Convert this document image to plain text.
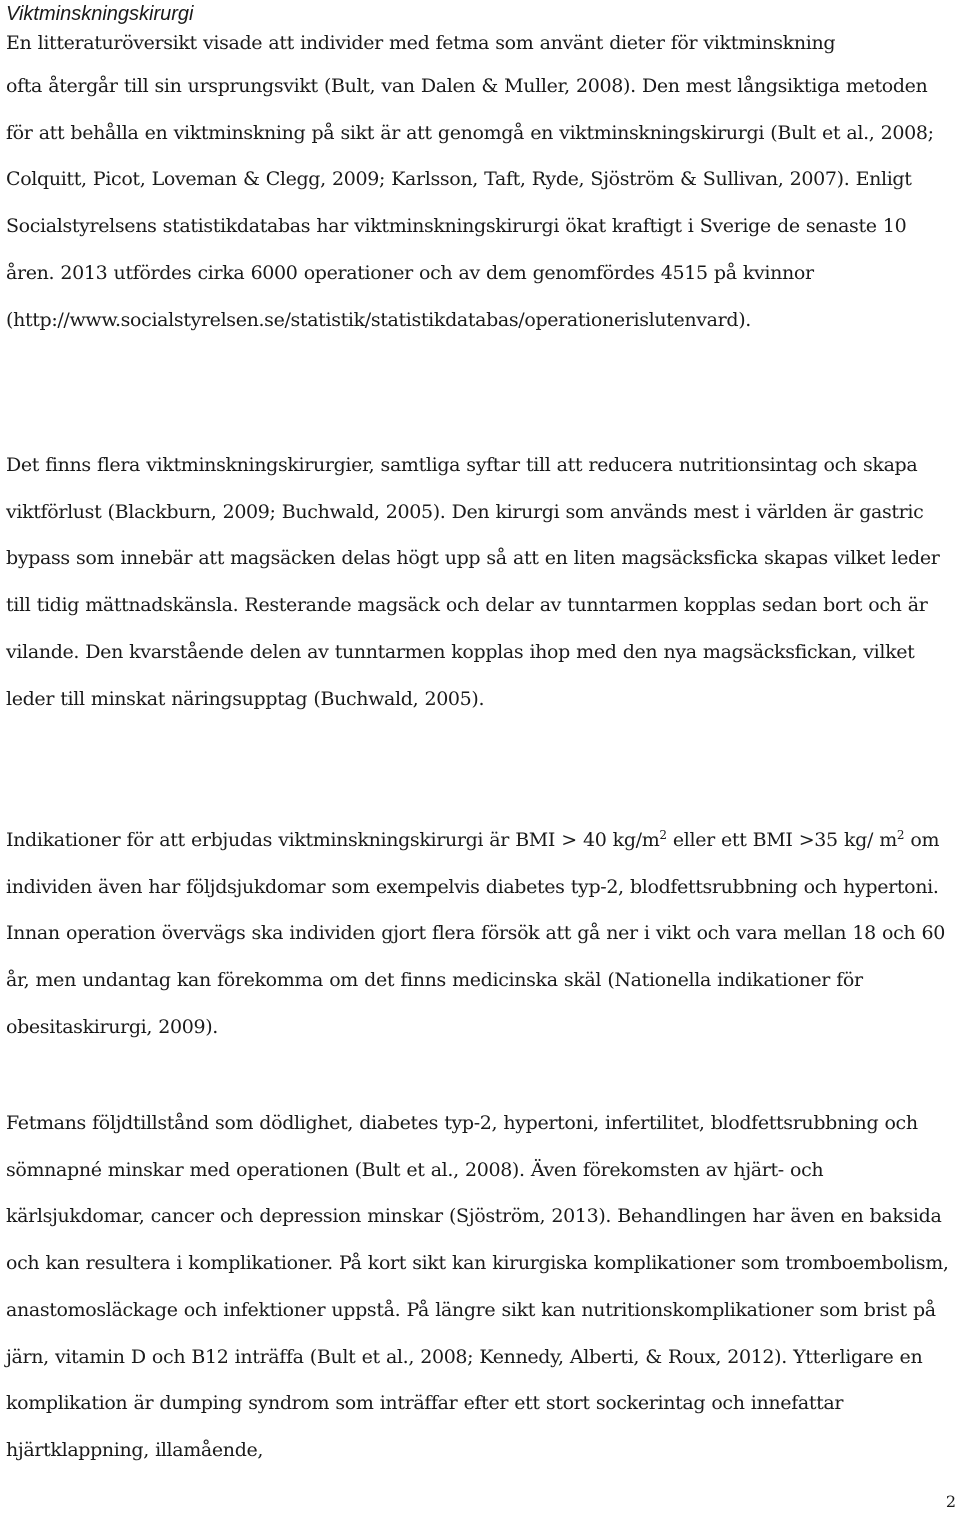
Viktminskningskirurgi

En litteraturöversikt visade att individer med fetma som använt dieter för viktminskning
ofta återgår till sin ursprungsvikt (Bult, van Dalen & Muller, 2008). Den mest långsiktiga metoden för att behålla en viktminskning på sikt är att genomgå en viktminskningskirurgi (Bult et al., 2008; Colquitt, Picot, Loveman & Clegg, 2009; Karlsson, Taft, Ryde, Sjöström & Sullivan, 2007). Enligt Socialstyrelsens statistikdatabas har viktminskningskirurgi ökat kraftigt i Sverige de senaste 10 åren. 2013 utfördes cirka 6000 operationer och av dem genomfördes 4515 på kvinnor (http://www.socialstyrelsen.se/statistik/statistikdatabas/operationerislutenvard).

Det finns flera viktminskningskirurgier, samtliga syftar till att reducera nutritionsintag och skapa viktförlust (Blackburn, 2009; Buchwald, 2005). Den kirurgi som används mest i världen är gastric bypass som innebär att magsäcken delas högt upp så att en liten magsäcksficka skapas vilket leder till tidig mättnadskänsla. Resterande magsäck och delar av tunntarmen kopplas sedan bort och är vilande. Den kvarstående delen av tunntarmen kopplas ihop med den nya magsäcksfickan, vilket leder till minskat näringsupptag (Buchwald, 2005).

Indikationer för att erbjudas viktminskningskirurgi är BMI > 40 $kg/m^2$ eller ett BMI >35 kg/ $m^2$ om individen även har följdsjukdomar som exempelvis diabetes typ-2, blodfettsrubbning och hypertoni. Innan operation övervägs ska individen gjort flera försök att gå ner i vikt och vara mellan 18 och 60 år, men undantag kan förekomma om det finns medicinska skäl (Nationella indikationer för obesitaskirurgi, 2009).

Fetmans följdtillstånd som dödlighet, diabetes typ-2, hypertoni, infertilitet, blodfettsrubbning och sömnapné minskar med operationen (Bult et al., 2008). Även förekomsten av hjärt- och kärlsjukdomar, cancer och depression minskar (Sjöström, 2013). Behandlingen har även en baksida och kan resultera i komplikationer. På kort sikt kan kirurgiska komplikationer som tromboembolism, anastomosläckage och infektioner uppstå. På längre sikt kan nutritionskomplikationer som brist på järn, vitamin D och B12 inträffa (Bult et al., 2008; Kennedy, Alberti, & Roux, 2012). Ytterligare en komplikation är dumping syndrom som inträffar efter ett stort sockerintag och innefattar hjärtklappning, illamående,

2
